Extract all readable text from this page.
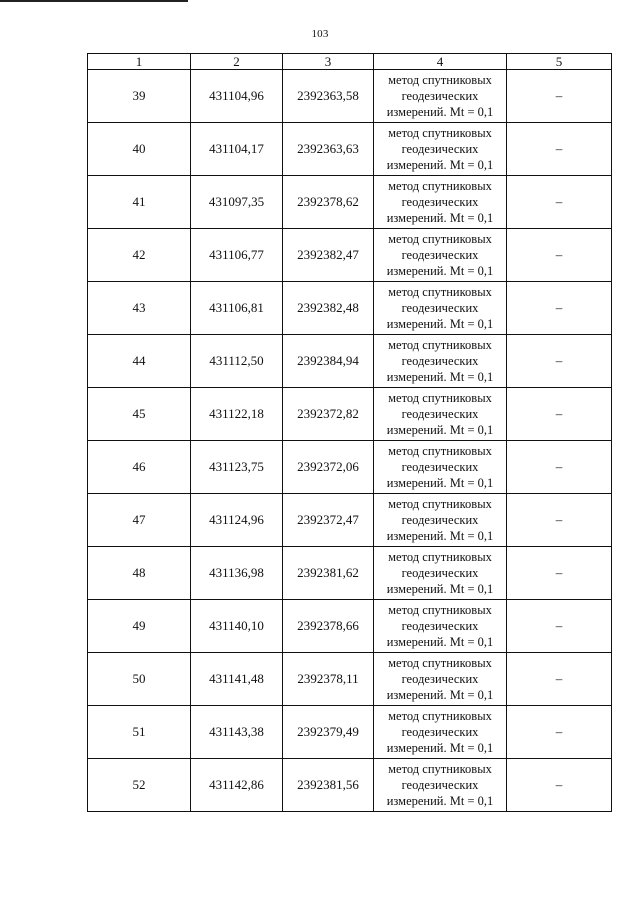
103
1	2	3	4	5
39	431104,96	2392363,58	метод спутниковых
геодезических
измерений. Mt = 0,1	–
40	431104,17	2392363,63	метод спутниковых
геодезических
измерений. Mt = 0,1	–
41	431097,35	2392378,62	метод спутниковых
геодезических
измерений. Mt = 0,1	–
42	431106,77	2392382,47	метод спутниковых
геодезических
измерений. Mt = 0,1	–
43	431106,81	2392382,48	метод спутниковых
геодезических
измерений. Mt = 0,1	–
44	431112,50	2392384,94	метод спутниковых
геодезических
измерений. Mt = 0,1	–
45	431122,18	2392372,82	метод спутниковых
геодезических
измерений. Mt = 0,1	–
46	431123,75	2392372,06	метод спутниковых
геодезических
измерений. Mt = 0,1	–
47	431124,96	2392372,47	метод спутниковых
геодезических
измерений. Mt = 0,1	–
48	431136,98	2392381,62	метод спутниковых
геодезических
измерений. Mt = 0,1	–
49	431140,10	2392378,66	метод спутниковых
геодезических
измерений. Mt = 0,1	–
50	431141,48	2392378,11	метод спутниковых
геодезических
измерений. Mt = 0,1	–
51	431143,38	2392379,49	метод спутниковых
геодезических
измерений. Mt = 0,1	–
52	431142,86	2392381,56	метод спутниковых
геодезических
измерений. Mt = 0,1	–
